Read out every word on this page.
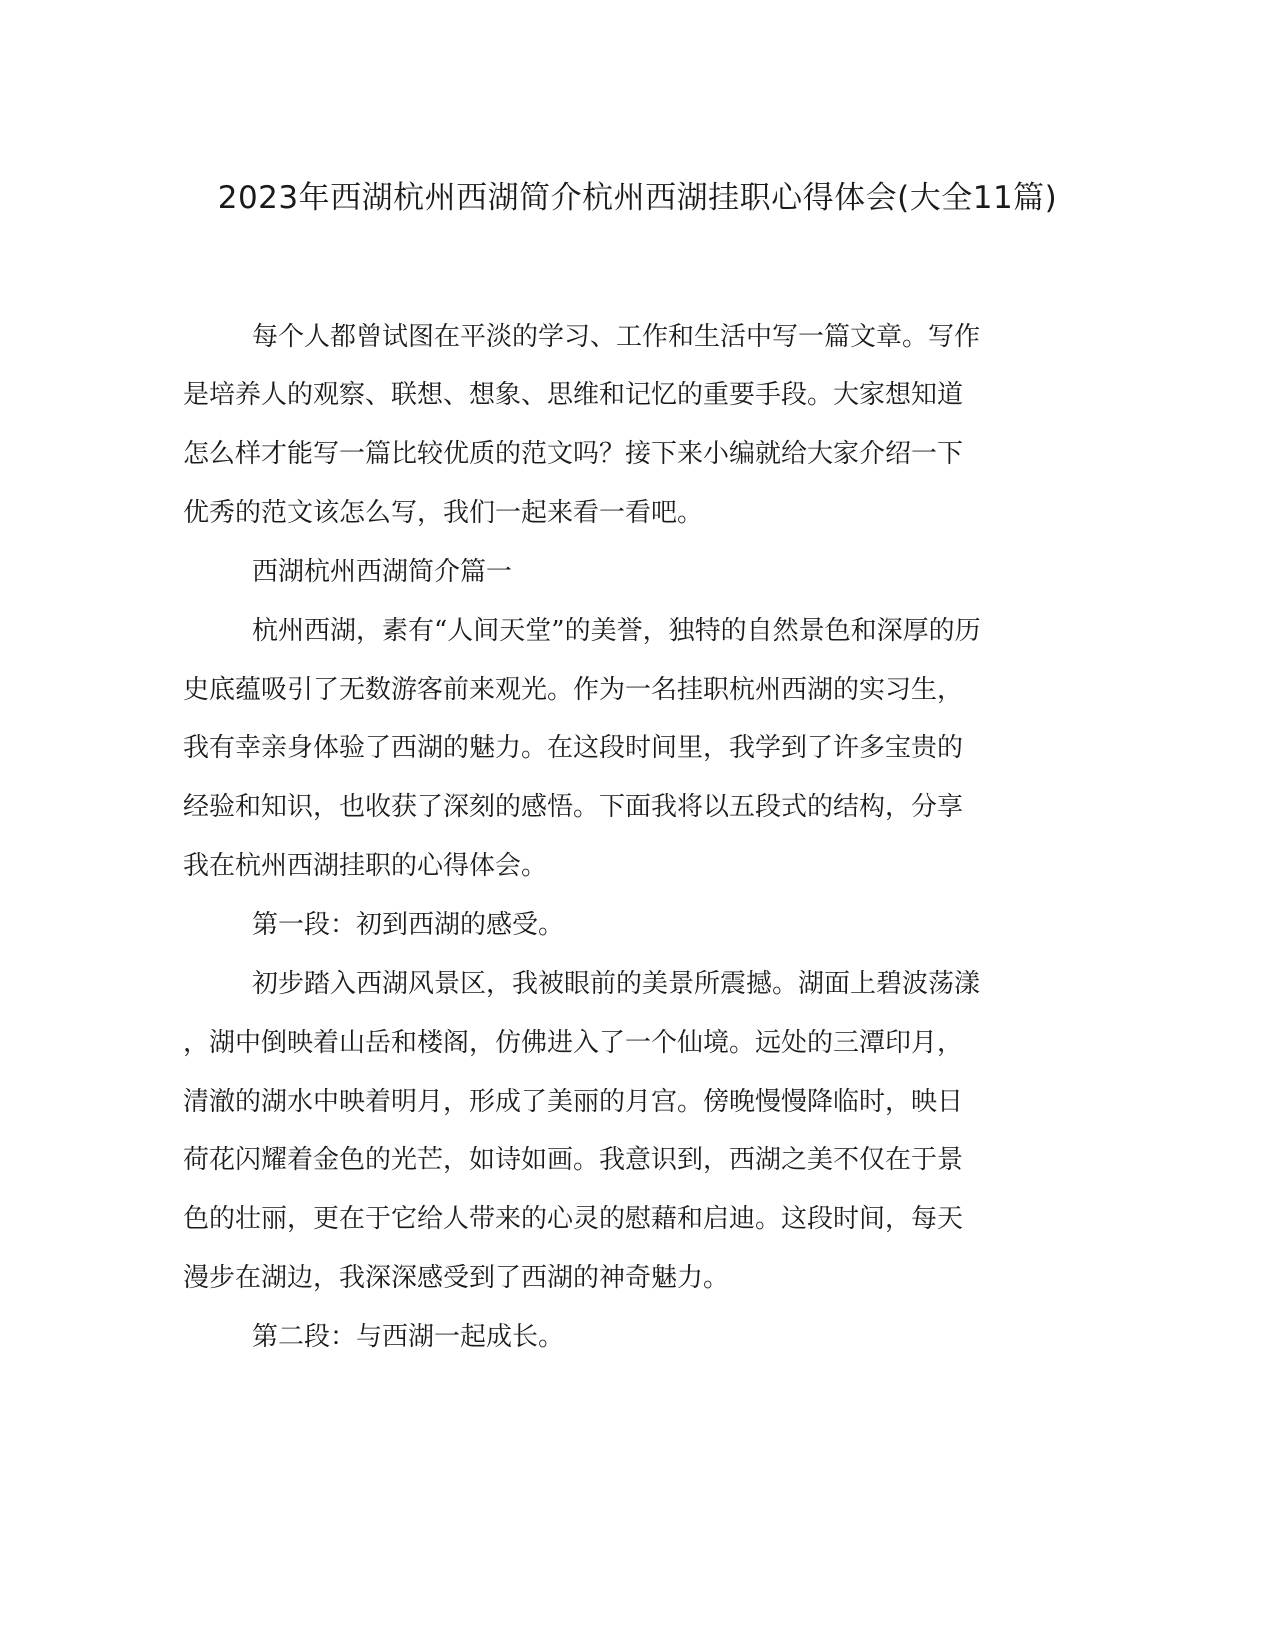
2023年西湖杭州西湖简介杭州西湖挂职心得体会(大全11篇)

每个人都曾试图在平淡的学习、工作和生活中写一篇文章。写作

是培养人的观察、联想、想象、思维和记忆的重要手段。大家想知道

怎么样才能写一篇比较优质的范文吗？接下来小编就给大家介绍一下

优秀的范文该怎么写，我们一起来看一看吧。

西湖杭州西湖简介篇一

杭州西湖，素有“人间天堂”的美誉，独特的自然景色和深厚的历

史底蕴吸引了无数游客前来观光。作为一名挂职杭州西湖的实习生，

我有幸亲身体验了西湖的魅力。在这段时间里，我学到了许多宝贵的

经验和知识，也收获了深刻的感悟。下面我将以五段式的结构，分享

我在杭州西湖挂职的心得体会。

第一段：初到西湖的感受。

初步踏入西湖风景区，我被眼前的美景所震撼。湖面上碧波荡漾

，湖中倒映着山岳和楼阁，仿佛进入了一个仙境。远处的三潭印月，

清澈的湖水中映着明月，形成了美丽的月宫。傍晚慢慢降临时，映日

荷花闪耀着金色的光芒，如诗如画。我意识到，西湖之美不仅在于景

色的壮丽，更在于它给人带来的心灵的慰藉和启迪。这段时间，每天

漫步在湖边，我深深感受到了西湖的神奇魅力。

第二段：与西湖一起成长。
